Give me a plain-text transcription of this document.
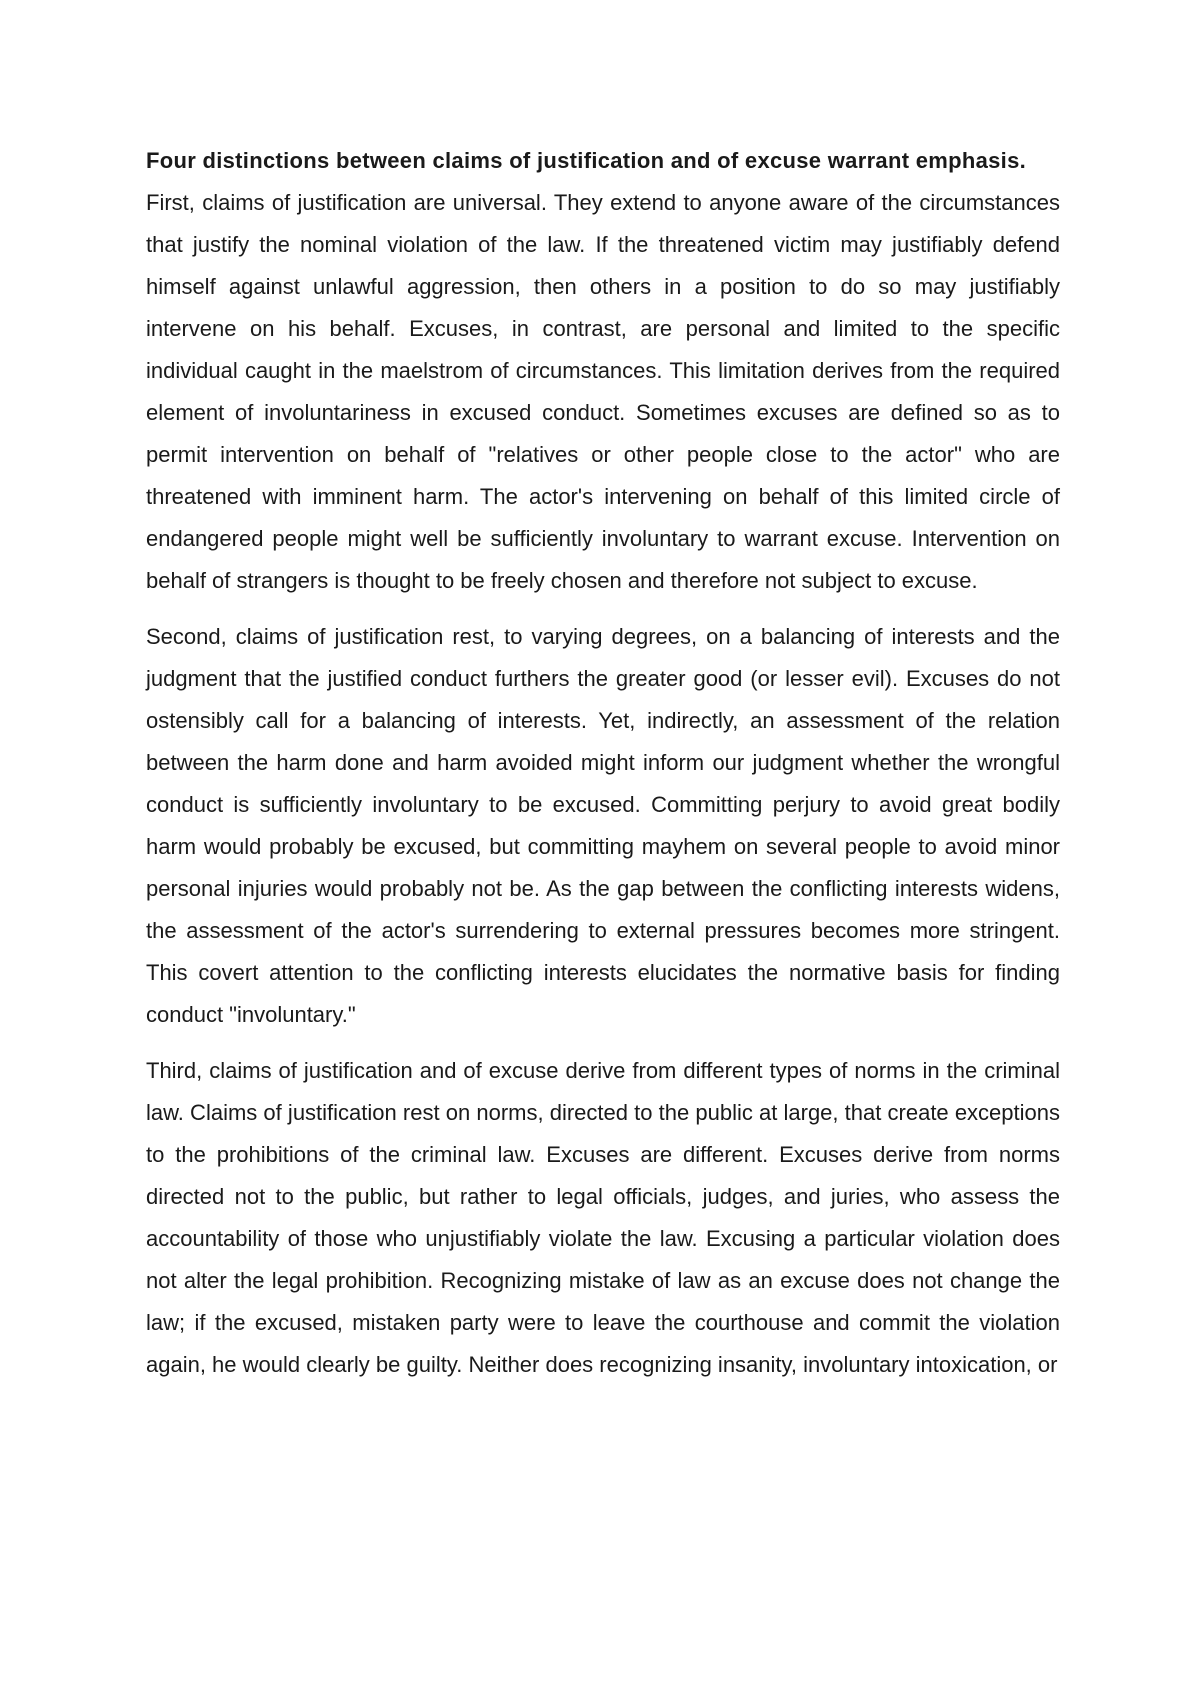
Four distinctions between claims of justification and of excuse warrant emphasis.

First, claims of justification are universal. They extend to anyone aware of the circumstances that justify the nominal violation of the law. If the threatened victim may justifiably defend himself against unlawful aggression, then others in a position to do so may justifiably intervene on his behalf. Excuses, in contrast, are personal and limited to the specific individual caught in the maelstrom of circumstances. This limitation derives from the required element of involuntariness in excused conduct. Sometimes excuses are defined so as to permit intervention on behalf of "relatives or other people close to the actor" who are threatened with imminent harm. The actor's intervening on behalf of this limited circle of endangered people might well be sufficiently involuntary to warrant excuse. Intervention on behalf of strangers is thought to be freely chosen and therefore not subject to excuse.

Second, claims of justification rest, to varying degrees, on a balancing of interests and the judgment that the justified conduct furthers the greater good (or lesser evil). Excuses do not ostensibly call for a balancing of interests. Yet, indirectly, an assessment of the relation between the harm done and harm avoided might inform our judgment whether the wrongful conduct is sufficiently involuntary to be excused. Committing perjury to avoid great bodily harm would probably be excused, but committing mayhem on several people to avoid minor personal injuries would probably not be. As the gap between the conflicting interests widens, the assessment of the actor's surrendering to external pressures becomes more stringent. This covert attention to the conflicting interests elucidates the normative basis for finding conduct "involuntary."

Third, claims of justification and of excuse derive from different types of norms in the criminal law. Claims of justification rest on norms, directed to the public at large, that create exceptions to the prohibitions of the criminal law. Excuses are different. Excuses derive from norms directed not to the public, but rather to legal officials, judges, and juries, who assess the accountability of those who unjustifiably violate the law. Excusing a particular violation does not alter the legal prohibition. Recognizing mistake of law as an excuse does not change the law; if the excused, mistaken party were to leave the courthouse and commit the violation again, he would clearly be guilty. Neither does recognizing insanity, involuntary intoxication, or
